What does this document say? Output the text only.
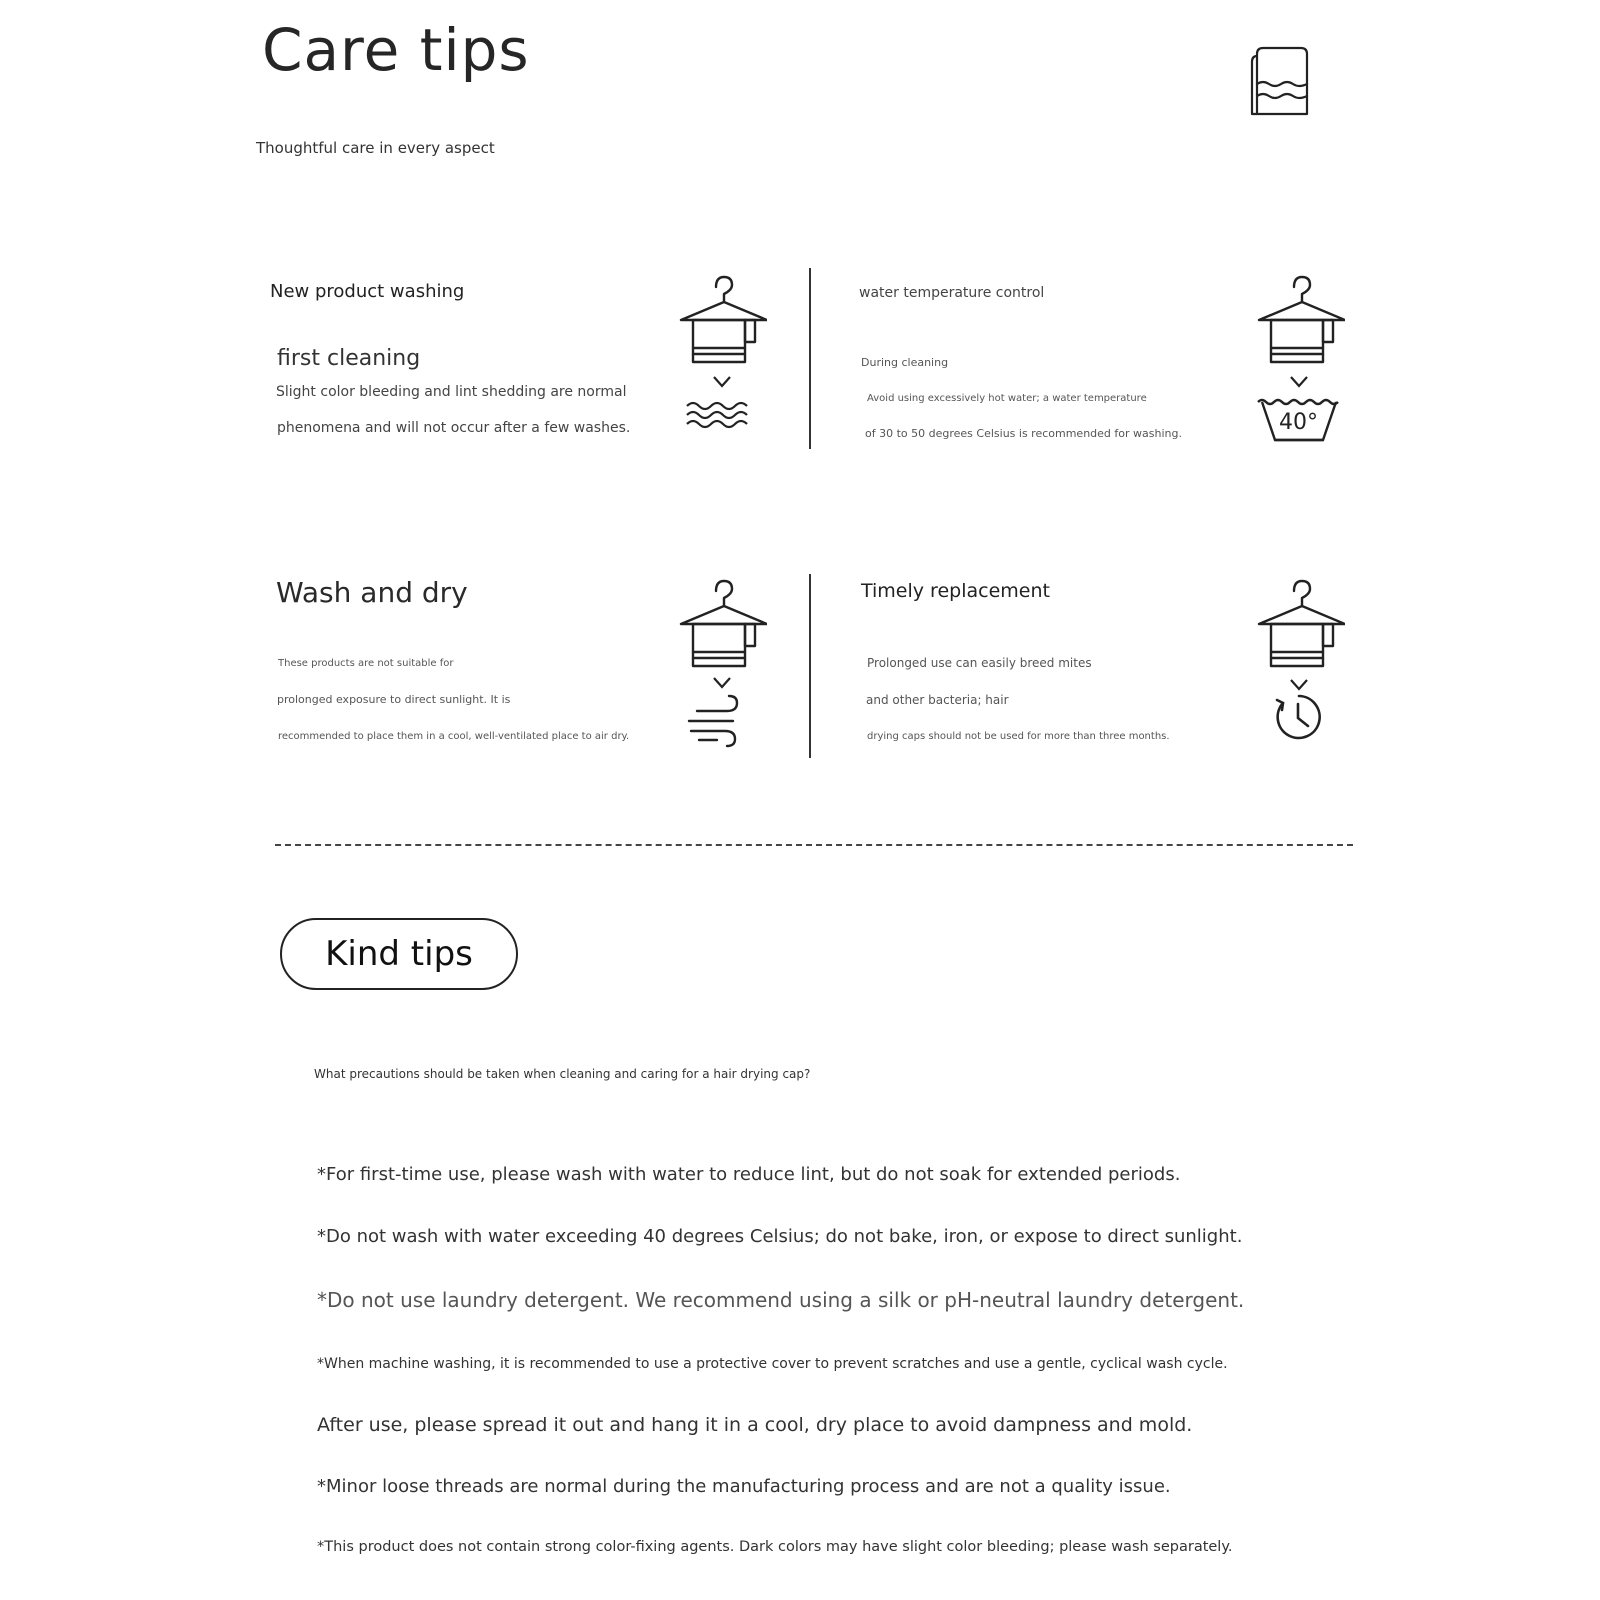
Care tips
Thoughtful care in every aspect
New product washing
first cleaning
Slight color bleeding and lint shedding are normal
phenomena and will not occur after a few washes.
water temperature control
During cleaning
Avoid using excessively hot water; a water temperature
of 30 to 50 degrees Celsius is recommended for washing.	40°
Wash and dry
These products are not suitable for
prolonged exposure to direct sunlight. It is
recommended to place them in a cool, well-ventilated place to air dry.
Timely replacement
Prolonged use can easily breed mites
and other bacteria; hair
drying caps should not be used for more than three months.
Kind tips
What precautions should be taken when cleaning and caring for a hair drying cap?
*For first-time use, please wash with water to reduce lint, but do not soak for extended periods.
*Do not wash with water exceeding 40 degrees Celsius; do not bake, iron, or expose to direct sunlight.
*Do not use laundry detergent. We recommend using a silk or pH-neutral laundry detergent.
*When machine washing, it is recommended to use a protective cover to prevent scratches and use a gentle, cyclical wash cycle.
After use, please spread it out and hang it in a cool, dry place to avoid dampness and mold.
*Minor loose threads are normal during the manufacturing process and are not a quality issue.
*This product does not contain strong color-fixing agents. Dark colors may have slight color bleeding; please wash separately.
